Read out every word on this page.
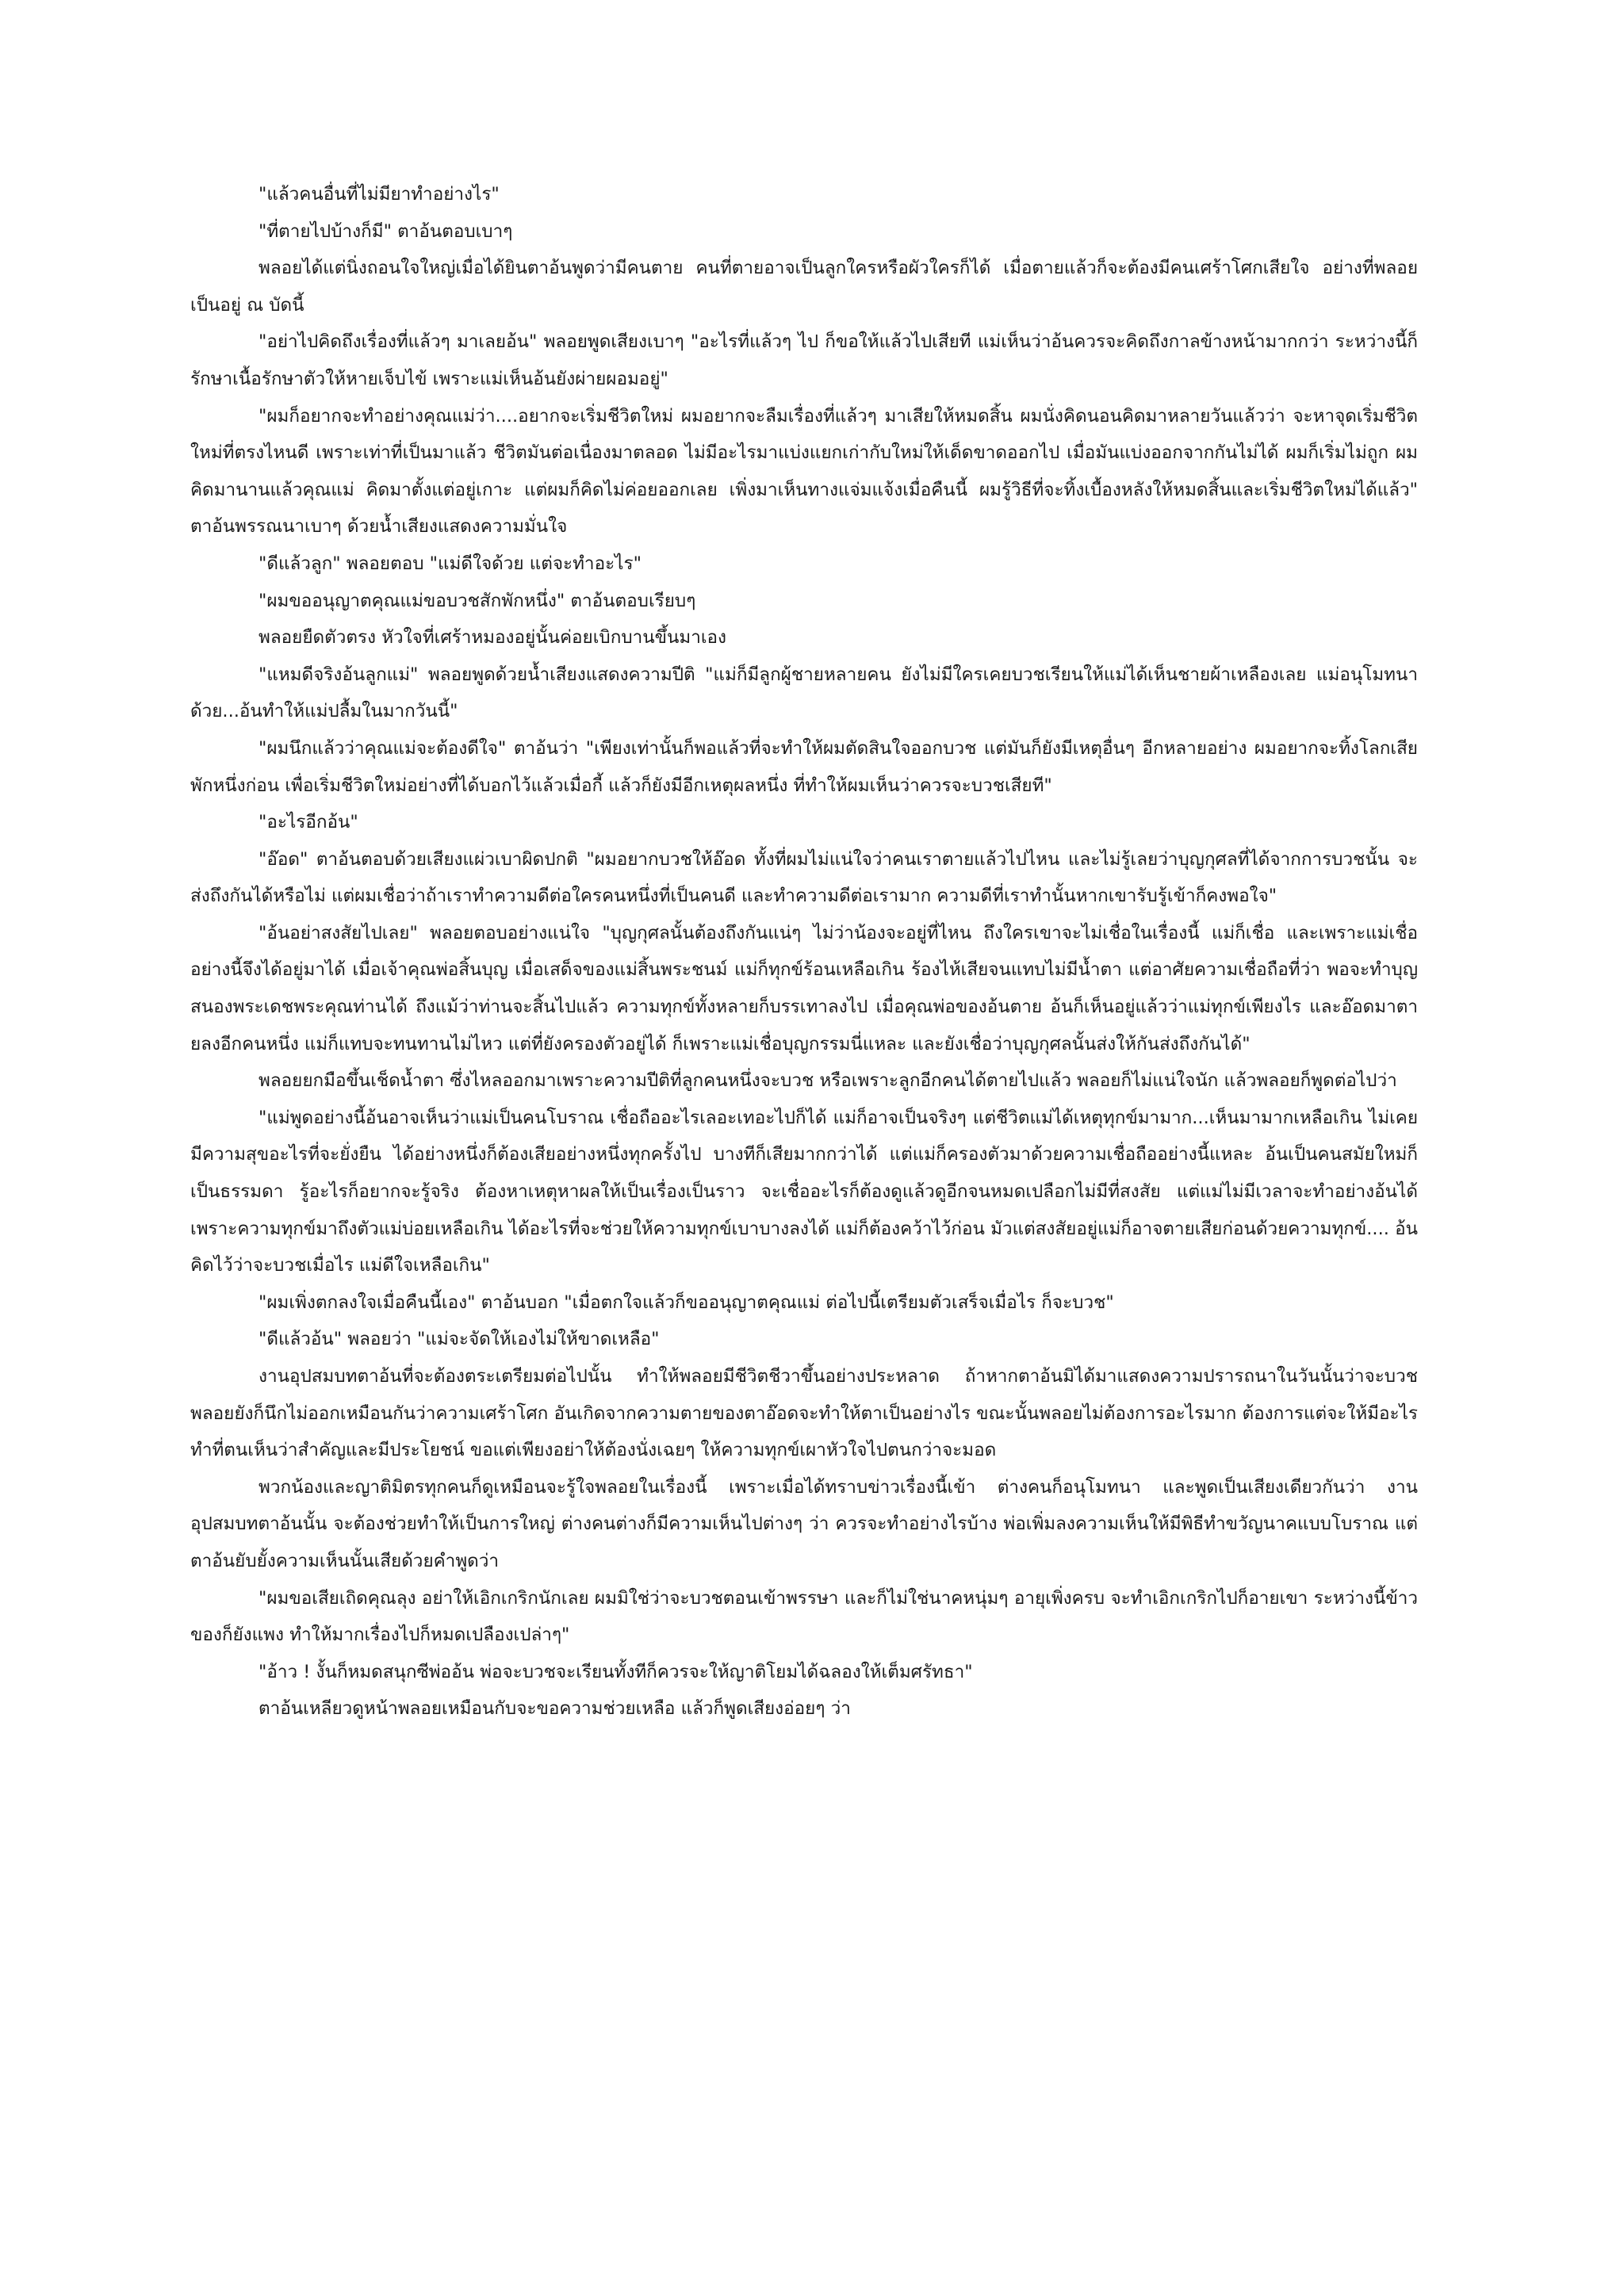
"แล้วคนอื่นที่ไม่มียาทำอย่างไร"

"ที่ตายไปบ้างก็มี" ตาอ้นตอบเบาๆ

พลอยได้แต่นิ่งถอนใจใหญ่เมื่อได้ยินตาอ้นพูดว่ามีคนตาย คนที่ตายอาจเป็นลูกใครหรือผัวใครก็ได้ เมื่อตายแล้วก็จะต้องมีคนเศร้าโศกเสียใจ อย่างที่พลอยเป็นอยู่ ณ บัดนี้

"อย่าไปคิดถึงเรื่องที่แล้วๆ มาเลยอ้น" พลอยพูดเสียงเบาๆ "อะไรที่แล้วๆ ไป ก็ขอให้แล้วไปเสียที แม่เห็นว่าอ้นควรจะคิดถึงกาลข้างหน้ามากกว่า ระหว่างนี้ก็รักษาเนื้อรักษาตัวให้หายเจ็บไข้ เพราะแม่เห็นอ้นยังผ่ายผอมอยู่"

"ผมก็อยากจะทำอย่างคุณแม่ว่า....อยากจะเริ่มชีวิตใหม่ ผมอยากจะลืมเรื่องที่แล้วๆ มาเสียให้หมดสิ้น ผมนั่งคิดนอนคิดมาหลายวันแล้วว่า จะหาจุดเริ่มชีวิตใหม่ที่ตรงไหนดี เพราะเท่าที่เป็นมาแล้ว ชีวิตมันต่อเนื่องมาตลอด ไม่มีอะไรมาแบ่งแยกเก่ากับใหม่ให้เด็ดขาดออกไป เมื่อมันแบ่งออกจากกันไม่ได้ ผมก็เริ่มไม่ถูก ผมคิดมานานแล้วคุณแม่ คิดมาตั้งแต่อยู่เกาะ แต่ผมก็คิดไม่ค่อยออกเลย เพิ่งมาเห็นทางแจ่มแจ้งเมื่อคืนนี้ ผมรู้วิธีที่จะทิ้งเบื้องหลังให้หมดสิ้นและเริ่มชีวิตใหม่ได้แล้ว" ตาอ้นพรรณนาเบาๆ ด้วยน้ำเสียงแสดงความมั่นใจ

"ดีแล้วลูก" พลอยตอบ "แม่ดีใจด้วย แต่จะทำอะไร"

"ผมขออนุญาตคุณแม่ขอบวชสักพักหนึ่ง" ตาอ้นตอบเรียบๆ

พลอยยืดตัวตรง หัวใจที่เศร้าหมองอยู่นั้นค่อยเบิกบานขึ้นมาเอง

"แหมดีจริงอ้นลูกแม่" พลอยพูดด้วยน้ำเสียงแสดงความปีติ "แม่ก็มีลูกผู้ชายหลายคน ยังไม่มีใครเคยบวชเรียนให้แม่ได้เห็นชายผ้าเหลืองเลย แม่อนุโมทนาด้วย...อ้นทำให้แม่ปลื้มในมากวันนี้"

"ผมนึกแล้วว่าคุณแม่จะต้องดีใจ" ตาอ้นว่า "เพียงเท่านั้นก็พอแล้วที่จะทำให้ผมตัดสินใจออกบวช แต่มันก็ยังมีเหตุอื่นๆ อีกหลายอย่าง ผมอยากจะทิ้งโลกเสียพักหนึ่งก่อน เพื่อเริ่มชีวิตใหม่อย่างที่ได้บอกไว้แล้วเมื่อกี้ แล้วก็ยังมีอีกเหตุผลหนึ่ง ที่ทำให้ผมเห็นว่าควรจะบวชเสียที"

"อะไรอีกอ้น"

"อ๊อด" ตาอ้นตอบด้วยเสียงแผ่วเบาผิดปกติ "ผมอยากบวชให้อ๊อด ทั้งที่ผมไม่แน่ใจว่าคนเราตายแล้วไปไหน และไม่รู้เลยว่าบุญกุศลที่ได้จากการบวชนั้น จะส่งถึงกันได้หรือไม่ แต่ผมเชื่อว่าถ้าเราทำความดีต่อใครคนหนึ่งที่เป็นคนดี และทำความดีต่อเรามาก ความดีที่เราทำนั้นหากเขารับรู้เข้าก็คงพอใจ"

"อ้นอย่าสงสัยไปเลย" พลอยตอบอย่างแน่ใจ "บุญกุศลนั้นต้องถึงกันแน่ๆ ไม่ว่าน้องจะอยู่ที่ไหน ถึงใครเขาจะไม่เชื่อในเรื่องนี้ แม่ก็เชื่อ และเพราะแม่เชื่ออย่างนี้จึงได้อยู่มาได้ เมื่อเจ้าคุณพ่อสิ้นบุญ เมื่อเสด็จของแม่สิ้นพระชนม์ แม่ก็ทุกข์ร้อนเหลือเกิน ร้องไห้เสียจนแทบไม่มีน้ำตา แต่อาศัยความเชื่อถือที่ว่า พอจะทำบุญสนองพระเดชพระคุณท่านได้ ถึงแม้ว่าท่านจะสิ้นไปแล้ว ความทุกข์ทั้งหลายก็บรรเทาลงไป เมื่อคุณพ่อของอ้นตาย อ้นก็เห็นอยู่แล้วว่าแม่ทุกข์เพียงไร และอ๊อดมาตายลงอีกคนหนึ่ง แม่ก็แทบจะทนทานไม่ไหว แต่ที่ยังครองตัวอยู่ได้ ก็เพราะแม่เชื่อบุญกรรมนี่แหละ และยังเชื่อว่าบุญกุศลนั้นส่งให้กันส่งถึงกันได้"

พลอยยกมือขึ้นเช็ดน้ำตา ซึ่งไหลออกมาเพราะความปีติที่ลูกคนหนึ่งจะบวช หรือเพราะลูกอีกคนได้ตายไปแล้ว พลอยก็ไม่แน่ใจนัก แล้วพลอยก็พูดต่อไปว่า

"แม่พูดอย่างนี้อ้นอาจเห็นว่าแม่เป็นคนโบราณ เชื่อถืออะไรเลอะเทอะไปก็ได้ แม่ก็อาจเป็นจริงๆ แต่ชีวิตแม่ได้เหตุทุกข์มามาก...เห็นมามากเหลือเกิน ไม่เคยมีความสุขอะไรที่จะยั่งยืน ได้อย่างหนึ่งก็ต้องเสียอย่างหนึ่งทุกครั้งไป บางทีก็เสียมากกว่าได้ แต่แม่ก็ครองตัวมาด้วยความเชื่อถืออย่างนี้แหละ อ้นเป็นคนสมัยใหม่ก็เป็นธรรมดา รู้อะไรก็อยากจะรู้จริง ต้องหาเหตุหาผลให้เป็นเรื่องเป็นราว จะเชื่ออะไรก็ต้องดูแล้วดูอีกจนหมดเปลือกไม่มีที่สงสัย แต่แม่ไม่มีเวลาจะทำอย่างอ้นได้ เพราะความทุกข์มาถึงตัวแม่บ่อยเหลือเกิน ได้อะไรที่จะช่วยให้ความทุกข์เบาบางลงได้ แม่ก็ต้องคว้าไว้ก่อน มัวแต่สงสัยอยู่แม่ก็อาจตายเสียก่อนด้วยความทุกข์.... อ้นคิดไว้ว่าจะบวชเมื่อไร แม่ดีใจเหลือเกิน"

"ผมเพิ่งตกลงใจเมื่อคืนนี้เอง" ตาอ้นบอก "เมื่อตกใจแล้วก็ขออนุญาตคุณแม่ ต่อไปนี้เตรียมตัวเสร็จเมื่อไร ก็จะบวช"

"ดีแล้วอ้น" พลอยว่า "แม่จะจัดให้เองไม่ให้ขาดเหลือ"

งานอุปสมบทตาอ้นที่จะต้องตระเตรียมต่อไปนั้น ทำให้พลอยมีชีวิตชีวาขึ้นอย่างประหลาด ถ้าหากตาอ้นมิได้มาแสดงความปรารถนาในวันนั้นว่าจะบวช พลอยยังก็นึกไม่ออกเหมือนกันว่าความเศร้าโศก อันเกิดจากความตายของตาอ๊อดจะทำให้ตาเป็นอย่างไร ขณะนั้นพลอยไม่ต้องการอะไรมาก ต้องการแต่จะให้มีอะไรทำที่ตนเห็นว่าสำคัญและมีประโยชน์ ขอแต่เพียงอย่าให้ต้องนั่งเฉยๆ ให้ความทุกข์เผาหัวใจไปตนกว่าจะมอด

พวกน้องและญาติมิตรทุกคนก็ดูเหมือนจะรู้ใจพลอยในเรื่องนี้ เพราะเมื่อได้ทราบข่าวเรื่องนี้เข้า ต่างคนก็อนุโมทนา และพูดเป็นเสียงเดียวกันว่า งานอุปสมบทตาอ้นนั้น จะต้องช่วยทำให้เป็นการใหญ่ ต่างคนต่างก็มีความเห็นไปต่างๆ ว่า ควรจะทำอย่างไรบ้าง พ่อเพิ่มลงความเห็นให้มีพิธีทำขวัญนาคแบบโบราณ แต่ตาอ้นยับยั้งความเห็นนั้นเสียด้วยคำพูดว่า

"ผมขอเสียเถิดคุณลุง อย่าให้เอิกเกริกนักเลย ผมมิใช่ว่าจะบวชตอนเข้าพรรษา และก็ไม่ใช่นาคหนุ่มๆ อายุเพิ่งครบ จะทำเอิกเกริกไปก็อายเขา ระหว่างนี้ข้าวของก็ยังแพง ทำให้มากเรื่องไปก็หมดเปลืองเปล่าๆ"

"อ้าว ! งั้นก็หมดสนุกซีพ่ออ้น พ่อจะบวชจะเรียนทั้งทีก็ควรจะให้ญาติโยมได้ฉลองให้เต็มศรัทธา"

ตาอ้นเหลียวดูหน้าพลอยเหมือนกับจะขอความช่วยเหลือ แล้วก็พูดเสียงอ่อยๆ ว่า
